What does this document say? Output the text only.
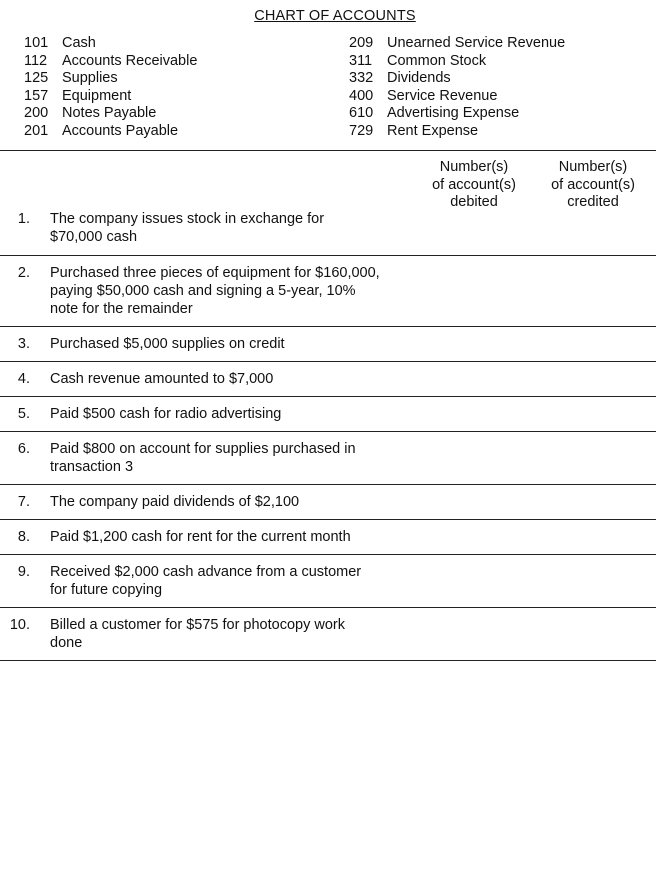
CHART OF ACCOUNTS
101 Cash
112 Accounts Receivable
125 Supplies
157 Equipment
200 Notes Payable
201 Accounts Payable
209 Unearned Service Revenue
311 Common Stock
332 Dividends
400 Service Revenue
610 Advertising Expense
729 Rent Expense
Number(s)
of account(s)
debited
Number(s)
of account(s)
credited
1. The company issues stock in exchange for $70,000 cash
2. Purchased three pieces of equipment for $160,000, paying $50,000 cash and signing a 5-year, 10% note for the remainder
3. Purchased $5,000 supplies on credit
4. Cash revenue amounted to $7,000
5. Paid $500 cash for radio advertising
6. Paid $800 on account for supplies purchased in transaction 3
7. The company paid dividends of $2,100
8. Paid $1,200 cash for rent for the current month
9. Received $2,000 cash advance from a customer for future copying
10. Billed a customer for $575 for photocopy work done
